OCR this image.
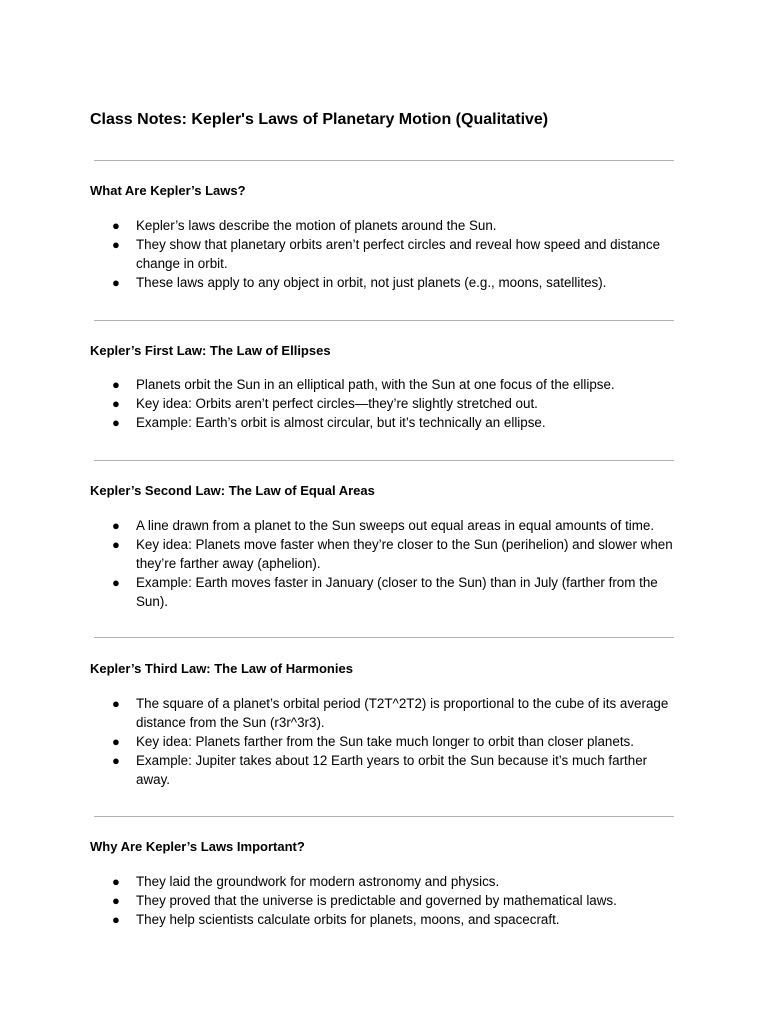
Class Notes: Kepler's Laws of Planetary Motion (Qualitative)
What Are Kepler’s Laws?
● Kepler’s laws describe the motion of planets around the Sun.
● They show that planetary orbits aren’t perfect circles and reveal how speed and distance change in orbit.
● These laws apply to any object in orbit, not just planets (e.g., moons, satellites).
Kepler’s First Law: The Law of Ellipses
● Planets orbit the Sun in an elliptical path, with the Sun at one focus of the ellipse.
● Key idea: Orbits aren’t perfect circles—they’re slightly stretched out.
● Example: Earth’s orbit is almost circular, but it’s technically an ellipse.
Kepler’s Second Law: The Law of Equal Areas
● A line drawn from a planet to the Sun sweeps out equal areas in equal amounts of time.
● Key idea: Planets move faster when they’re closer to the Sun (perihelion) and slower when they’re farther away (aphelion).
● Example: Earth moves faster in January (closer to the Sun) than in July (farther from the Sun).
Kepler’s Third Law: The Law of Harmonies
● The square of a planet’s orbital period (T2T^2T2) is proportional to the cube of its average distance from the Sun (r3r^3r3).
● Key idea: Planets farther from the Sun take much longer to orbit than closer planets.
● Example: Jupiter takes about 12 Earth years to orbit the Sun because it’s much farther away.
Why Are Kepler’s Laws Important?
● They laid the groundwork for modern astronomy and physics.
● They proved that the universe is predictable and governed by mathematical laws.
● They help scientists calculate orbits for planets, moons, and spacecraft.
